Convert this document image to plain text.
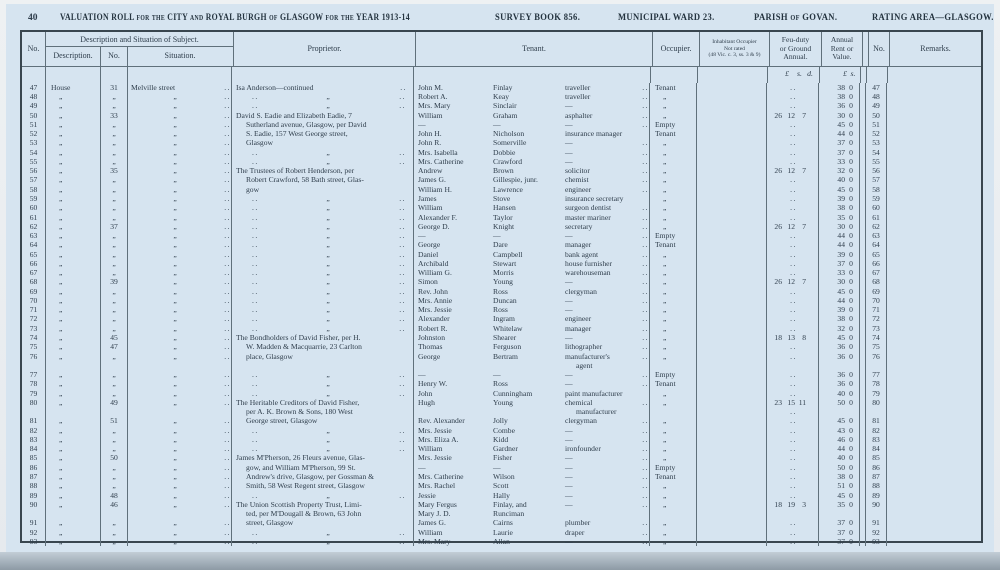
40 VALUATION ROLL for the CITY and ROYAL BURGH of GLASGOW for the YEAR 1913-14	SURVEY BOOK 856.	MUNICIPAL WARD 23.	PARISH of GOVAN.	RATING AREA—GLASGOW.
No.
Description and Situation of Subject.
Description.	No.	Situation.
Proprietor.	Tenant.	Occupier.
Inhabitant Occupier
Not rated
(48 Vic. c. 3, ss. 3 & 9)
Feu-duty
or Ground
Annual.
Annual
Rent or
Value.
No.	Remarks.
£	s. d.	£ s.
47	House	31	Melville street	.. Isa Anderson—continued	..	John M.	Finlay	traveller	.. Tenant	..	38 0	47
48	„	„	„	..	..	„	..	Robert A.	Keay	traveller	..	„	..	38 0	48
49	„	„	„	..	..	„	..	Mrs. Mary	Sinclair	—	..	„	..	36 0	49
50	„	33	„	.. David S. Eadie and Elizabeth Eadie, 7	William	Graham	asphalter	..	„	26 12 7	30 0	50
51	„	„	„	..	Sutherland avenue, Glasgow, per David	—	—	—	.. Empty	..	45 0	51
52	„	„	„	..	S. Eadie, 157 West George street,	John H.	Nicholson	insurance manager	Tenant	..	44 0	52
53	„	„	„	..	Glasgow	John R.	Somerville	—	..	„	..	37 0	53
54	„	„	„	..	..	„	..	Mrs. Isabella	Dobbie	—	..	„	..	37 0	54
55	„	„	„	..	..	„	..	Mrs. Catherine	Crawford	—	..	„	..	33 0	55
56	„	35	„	.. The Trustees of Robert Henderson, per	Andrew	Brown	solicitor	..	„	26 12 7	32 0	56
57	„	„	„	..	Robert Crawford, 58 Bath street, Glas-	James G.	Gillespie, junr.	chemist	..	„	..	40 0	57
58	„	„	„	..	gow	William H.	Lawrence	engineer	..	„	..	45 0	58
59	„	„	„	..	..	„	..	James	Stove	insurance secretary	„	..	39 0	59
60	„	„	„	..	..	„	..	William	Hansen	surgeon dentist	..	„	..	38 0	60
61	„	„	„	..	..	„	..	Alexander F.	Taylor	master mariner	..	„	..	35 0	61
62	„	37	„	..	..	„	..	George D.	Knight	secretary	..	„	26 12 7	30 0	62
63	„	„	„	..	..	„	..	—	—	—	.. Empty	..	44 0	63
64	„	„	„	..	..	„	..	George	Dare	manager	.. Tenant	..	44 0	64
65	„	„	„	..	..	„	..	Daniel	Campbell	bank agent	..	„	..	39 0	65
66	„	„	„	..	..	„	..	Archibald	Stewart	house furnisher	..	„	..	37 0	66
67	„	„	„	..	..	„	..	William G.	Morris	warehouseman	..	„	..	33 0	67
68	„	39	„	..	..	„	..	Simon	Young	—	..	„	26 12 7	30 0	68
69	„	„	„	..	..	„	..	Rev. John	Ross	clergyman	..	„	..	45 0	69
70	„	„	„	..	..	„	..	Mrs. Annie	Duncan	—	..	„	..	44 0	70
71	„	„	„	..	..	„	..	Mrs. Jessie	Ross	—	..	„	..	39 0	71
72	„	„	„	..	..	„	..	Alexander	Ingram	engineer	..	„	..	38 0	72
73	„	„	„	..	..	„	..	Robert R.	Whitelaw	manager	..	„	..	32 0	73
74	„	45	„	.. The Bondholders of David Fisher, per H.	Johnston	Shearer	—	..	„	18 13 8	45 0	74
75	„	47	„	..	W. Madden & Macquarrie, 23 Carlton	Thomas	Ferguson	lithographer	..	„	..	36 0	75
76	„	„	„	..	place, Glasgow	George	Bertram	manufacturer's	..	„	..	36 0	76
agent
77	„	„	„	..	..	„	..	—	—	—	.. Empty	..	36 0	77
78	„	„	„	..	..	„	..	Henry W.	Ross	—	.. Tenant	..	36 0	78
79	„	„	„	..	..	„	..	John	Cunningham	paint manufacturer	„	..	40 0	79
80	„	49	„	.. The Heritable Creditors of David Fisher,	Hugh	Young	chemical	..	„	23 15 11	50 0	80
per A. K. Brown & Sons, 180 West	manufacturer	..
81	„	51	„	..	George street, Glasgow	Rev. Alexander	Jolly	clergyman	..	„	..	45 0	81
82	„	„	„	..	..	„	..	Mrs. Jessie	Combe	—	..	„	..	43 0	82
83	„	„	„	..	..	„	..	Mrs. Eliza A.	Kidd	—	..	„	..	46 0	83
84	„	„	„	..	..	„	..	William	Gardner	ironfounder	..	„	..	44 0	84
85	„	50	„	.. James M'Pherson, 26 Fleurs avenue, Glas-	Mrs. Jessie	Fisher	—	..	„	..	40 0	85
86	„	„	„	..	gow, and William M'Pherson, 99 St.	—	—	—	.. Empty	..	50 0	86
87	„	„	„	..	Andrew's drive, Glasgow, per Gossman &	Mrs. Catherine	Wilson	—	.. Tenant	..	38 0	87
88	„	„	„	..	Smith, 58 West Regent street, Glasgow	Mrs. Rachel	Scott	—	..	„	..	51 0	88
89	„	48	„	..	..	„	..	Jessie	Hally	—	..	„	..	45 0	89
90	„	46	„	.. The Union Scottish Property Trust, Limi-	Mary Fergus	Finlay, and	—	..	„	18 19 3	35 0	90
ted, per M'Dougall & Brown, 63 John	Mary J. D.	Runciman
91	„	„	„	..	street, Glasgow	James G.	Cairns	plumber	..	„	..	37 0	91
92	„	„	„	..	..	„	..	William	Laurie	draper	..	„	..	37 0	92
93	„	„	„	..	..	„	..	Mrs. Mary	Allan	—	..	„	..	37 0	93
